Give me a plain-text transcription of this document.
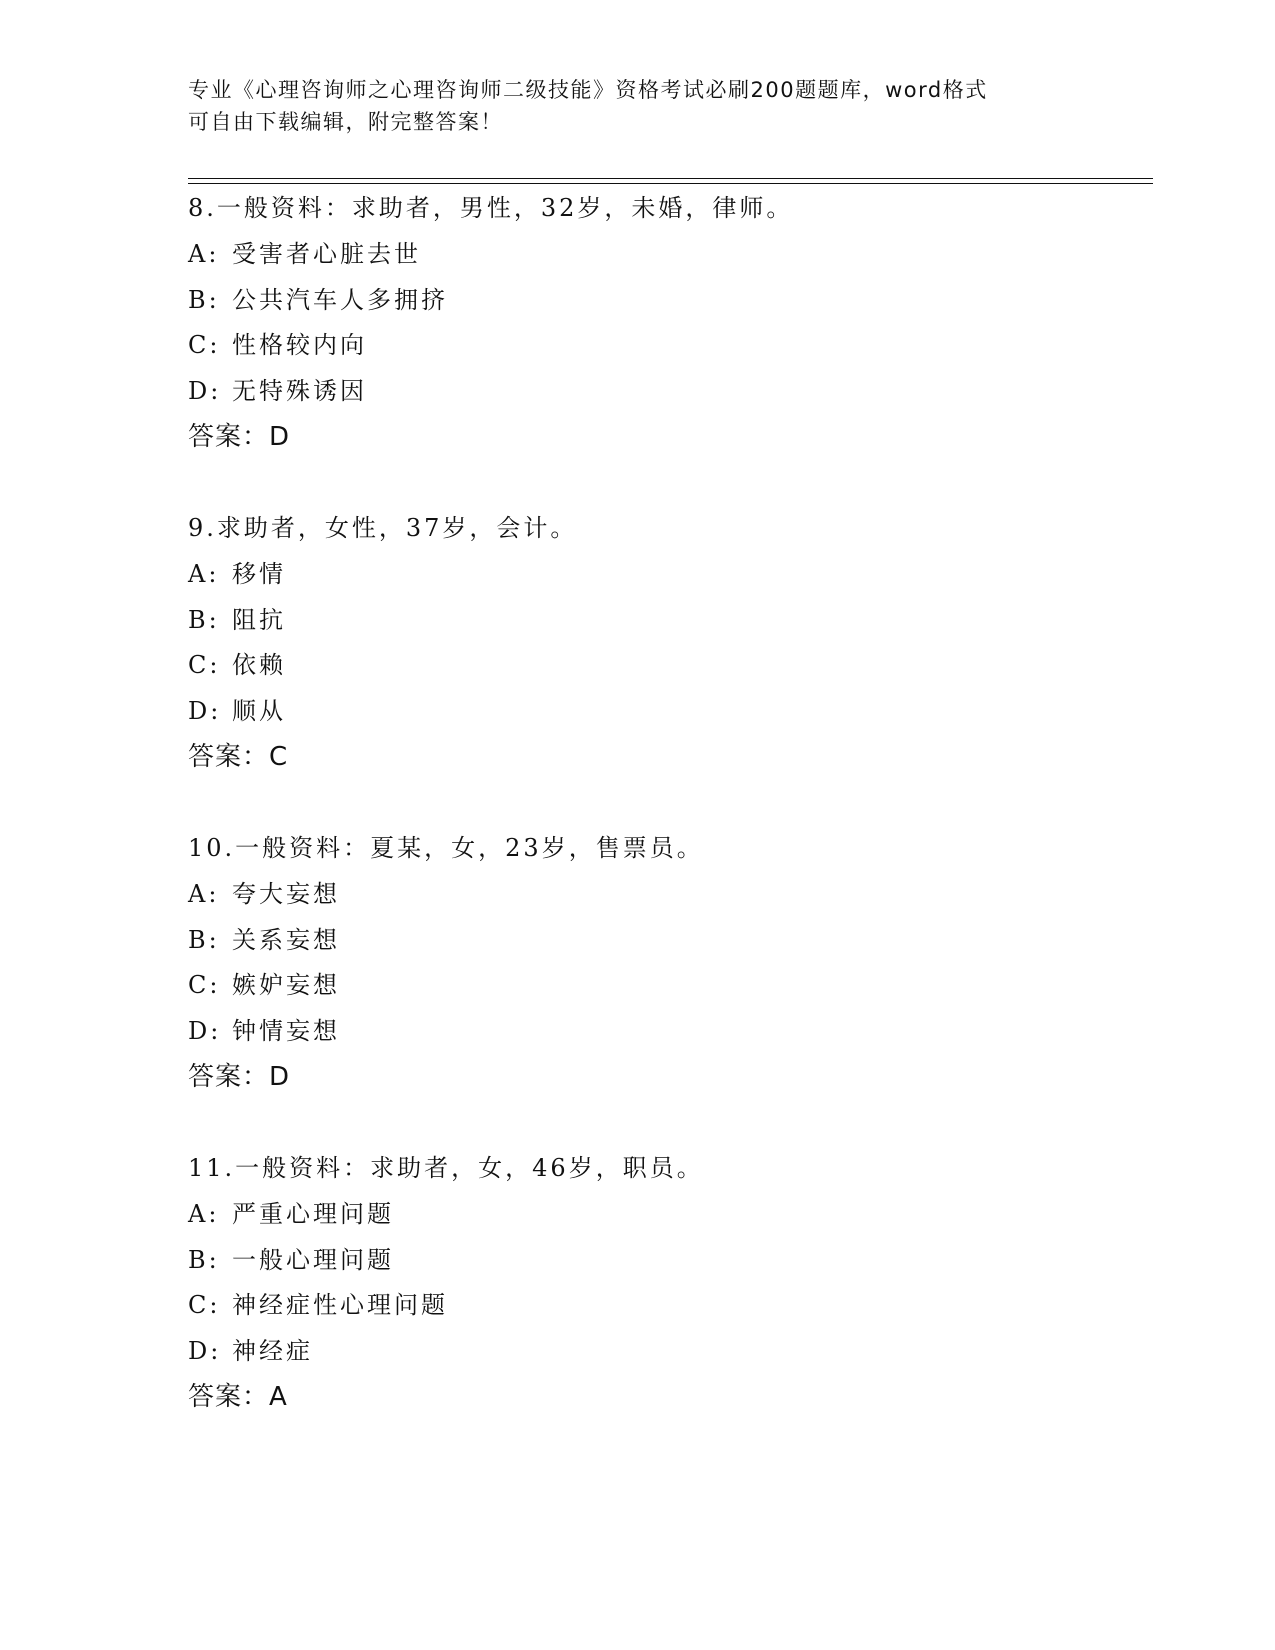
专业《心理咨询师之心理咨询师二级技能》资格考试必刷200题题库，word格式
可自由下载编辑，附完整答案！
8.一般资料：求助者，男性，32岁，未婚，律师。
A: 受害者心脏去世
B: 公共汽车人多拥挤
C: 性格较内向
D: 无特殊诱因
答案：D
9.求助者，女性，37岁，会计。
A: 移情
B: 阻抗
C: 依赖
D: 顺从
答案：C
10.一般资料：夏某，女，23岁，售票员。
A: 夸大妄想
B: 关系妄想
C: 嫉妒妄想
D: 钟情妄想
答案：D
11.一般资料：求助者，女，46岁，职员。
A: 严重心理问题
B: 一般心理问题
C: 神经症性心理问题
D: 神经症
答案：A
